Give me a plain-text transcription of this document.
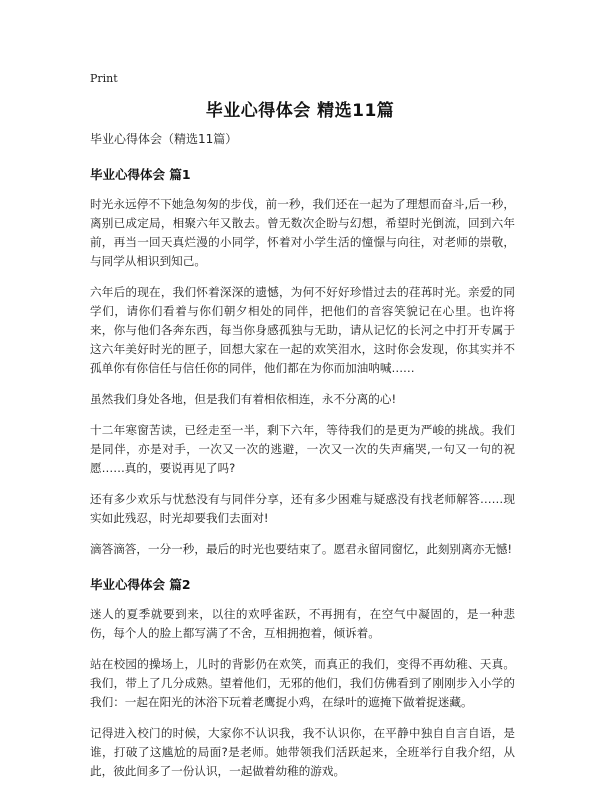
Print
毕业心得体会 精选11篇
毕业心得体会（精选11篇）
毕业心得体会 篇1

时光永远停不下她急匆匆的步伐，前一秒，我们还在一起为了理想而奋斗,后一秒，离别已成定局，相聚六年又散去。曾无数次企盼与幻想，希望时光倒流，回到六年前，再当一回天真烂漫的小同学，怀着对小学生活的憧憬与向往，对老师的崇敬，与同学从相识到知己。

六年后的现在，我们怀着深深的遗憾，为何不好好珍惜过去的荏苒时光。亲爱的同学们，请你们看着与你们朝夕相处的同伴，把他们的音容笑貌记在心里。也许将来，你与他们各奔东西，每当你身感孤独与无助，请从记忆的长河之中打开专属于这六年美好时光的匣子，回想大家在一起的欢笑泪水，这时你会发现，你其实并不孤单你有你信任与信任你的同伴，他们都在为你而加油呐喊……

虽然我们身处各地，但是我们有着相依相连，永不分离的心!

十二年寒窗苦读，已经走至一半，剩下六年，等待我们的是更为严峻的挑战。我们是同伴，亦是对手，一次又一次的逃避，一次又一次的失声痛哭,一句又一句的祝愿……真的，要说再见了吗?

还有多少欢乐与忧愁没有与同伴分享，还有多少困难与疑惑没有找老师解答……现实如此残忍，时光却要我们去面对!

滴答滴答，一分一秒，最后的时光也要结束了。愿君永留同窗忆，此刻别离亦无憾!

毕业心得体会 篇2

迷人的夏季就要到来，以往的欢呼雀跃，不再拥有，在空气中凝固的，是一种悲伤，每个人的脸上都写满了不舍，互相拥抱着，倾诉着。

站在校园的操场上，儿时的背影仍在欢笑，而真正的我们，变得不再幼稚、天真。我们，带上了几分成熟。望着他们，无邪的他们，我们仿佛看到了刚刚步入小学的我们：一起在阳光的沐浴下玩着老鹰捉小鸡，在绿叶的遮掩下做着捉迷藏。

记得进入校门的时候，大家你不认识我，我不认识你，在平静中独自自言自语，是谁，打破了这尴尬的局面?是老师。她带领我们活跃起来，全班举行自我介绍，从此，彼此间多了一份认识，一起做着幼稚的游戏。
